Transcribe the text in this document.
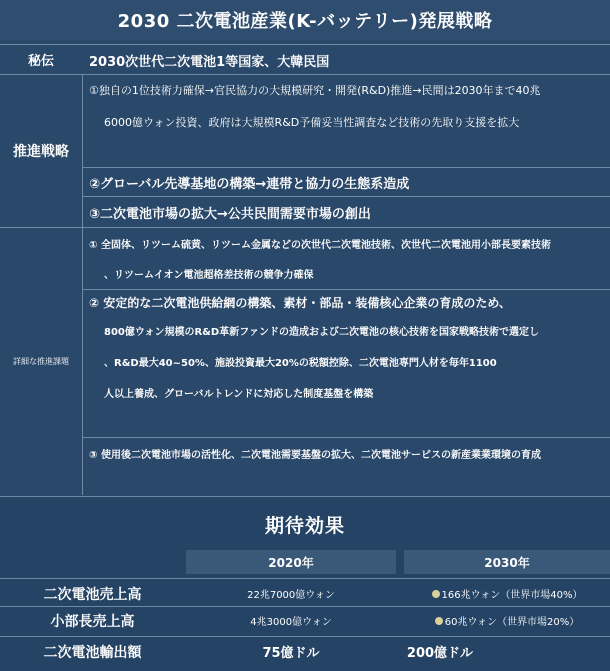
2030 二次電池産業(K-バッテリー)発展戦略
秘伝	2030次世代二次電池1等国家、大韓民国
推進戦略
①独自の1位技術力確保→官民協力の大規模研究・開発(R&D)推進→民間は2030年まで40兆
6000億ウォン投資、政府は大規模R&D予備妥当性調査など技術の先取り支援を拡大
②グローバル先導基地の構築→連帯と協力の生態系造成
③二次電池市場の拡大→公共民間需要市場の創出
詳細な推進課題
① 全固体、リツーム硫黄、リツーム金属などの次世代二次電池技術、次世代二次電池用小部長要素技術
、リツームイオン電池超格差技術の競争力確保
② 安定的な二次電池供給網の構築、素材・部品・装備核心企業の育成のため、
800億ウォン規模のR&D革新ファンドの造成および二次電池の核心技術を国家戦略技術で選定し
、R&D最大40~50%、施設投資最大20%の税額控除、二次電池専門人材を毎年1100
人以上養成、グローバルトレンドに対応した制度基盤を構築
③ 使用後二次電池市場の活性化、二次電池需要基盤の拡大、二次電池サービスの新産業業環境の育成
期待効果
2020年	2030年
二次電池売上高	22兆7000億ウォン	166兆ウォン（世界市場40%）
小部長売上高	4兆3000億ウォン	60兆ウォン（世界市場20%）
二次電池輸出額	75億ドル	200億ドル
